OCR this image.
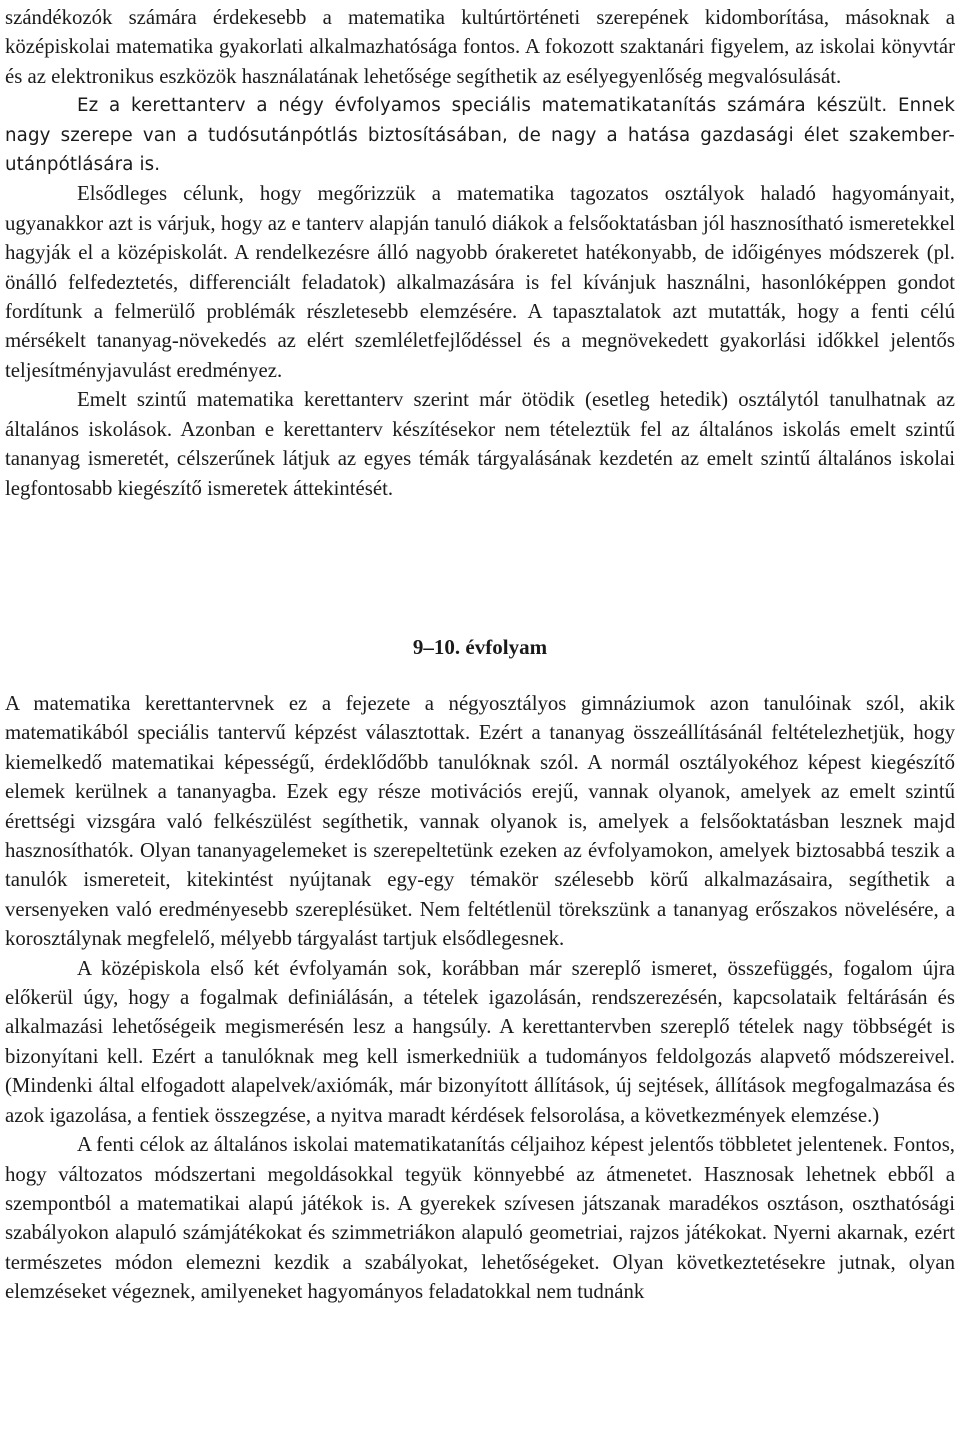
szándékozók számára érdekesebb a matematika kultúrtörténeti szerepének kidomborítása, másoknak a középiskolai matematika gyakorlati alkalmazhatósága fontos. A fokozott szaktanári figyelem, az iskolai könyvtár és az elektronikus eszközök használatának lehetősége segíthetik az esélyegyenlőség megvalósulását.

Ez a kerettanterv a négy évfolyamos speciális matematikatanítás számára készült. Ennek nagy szerepe van a tudósutánpótlás biztosításában, de nagy a hatása gazdasági élet szakember-utánpótlására is.

Elsődleges célunk, hogy megőrizzük a matematika tagozatos osztályok haladó hagyományait, ugyanakkor azt is várjuk, hogy az e tanterv alapján tanuló diákok a felsőoktatásban jól hasznosítható ismeretekkel hagyják el a középiskolát. A rendelkezésre álló nagyobb órakeretet hatékonyabb, de időigényes módszerek (pl. önálló felfedeztetés, differenciált feladatok) alkalmazására is fel kívánjuk használni, hasonlóképpen gondot fordítunk a felmerülő problémák részletesebb elemzésére. A tapasztalatok azt mutatták, hogy a fenti célú mérsékelt tananyag-növekedés az elért szemléletfejlődéssel és a megnövekedett gyakorlási időkkel jelentős teljesítményjavulást eredményez.

Emelt szintű matematika kerettanterv szerint már ötödik (esetleg hetedik) osztálytól tanulhatnak az általános iskolások. Azonban e kerettanterv készítésekor nem tételeztük fel az általános iskolás emelt szintű tananyag ismeretét, célszerűnek látjuk az egyes témák tárgyalásának kezdetén az emelt szintű általános iskolai legfontosabb kiegészítő ismeretek áttekintését.

9–10. évfolyam

A matematika kerettantervnek ez a fejezete a négyosztályos gimnáziumok azon tanulóinak szól, akik matematikából speciális tantervű képzést választottak. Ezért a tananyag összeállításánál feltételezhetjük, hogy kiemelkedő matematikai képességű, érdeklődőbb tanulóknak szól. A normál osztályokéhoz képest kiegészítő elemek kerülnek a tananyagba. Ezek egy része motivációs erejű, vannak olyanok, amelyek az emelt szintű érettségi vizsgára való felkészülést segíthetik, vannak olyanok is, amelyek a felsőoktatásban lesznek majd hasznosíthatók. Olyan tananyagelemeket is szerepeltetünk ezeken az évfolyamokon, amelyek biztosabbá teszik a tanulók ismereteit, kitekintést nyújtanak egy-egy témakör szélesebb körű alkalmazásaira, segíthetik a versenyeken való eredményesebb szereplésüket. Nem feltétlenül törekszünk a tananyag erőszakos növelésére, a korosztálynak megfelelő, mélyebb tárgyalást tartjuk elsődlegesnek.

A középiskola első két évfolyamán sok, korábban már szereplő ismeret, összefüggés, fogalom újra előkerül úgy, hogy a fogalmak definiálásán, a tételek igazolásán, rendszerezésén, kapcsolataik feltárásán és alkalmazási lehetőségeik megismerésén lesz a hangsúly. A kerettantervben szereplő tételek nagy többségét is bizonyítani kell. Ezért a tanulóknak meg kell ismerkedniük a tudományos feldolgozás alapvető módszereivel. (Mindenki által elfogadott alapelvek/axiómák, már bizonyított állítások, új sejtések, állítások megfogalmazása és azok igazolása, a fentiek összegzése, a nyitva maradt kérdések felsorolása, a következmények elemzése.)

A fenti célok az általános iskolai matematikatanítás céljaihoz képest jelentős többletet jelentenek. Fontos, hogy változatos módszertani megoldásokkal tegyük könnyebbé az átmenetet. Hasznosak lehetnek ebből a szempontból a matematikai alapú játékok is. A gyerekek szívesen játszanak maradékos osztáson, oszthatósági szabályokon alapuló számjátékokat és szimmetriákon alapuló geometriai, rajzos játékokat. Nyerni akarnak, ezért természetes módon elemezni kezdik a szabályokat, lehetőségeket. Olyan következtetésekre jutnak, olyan elemzéseket végeznek, amilyeneket hagyományos feladatokkal nem tudnánk
